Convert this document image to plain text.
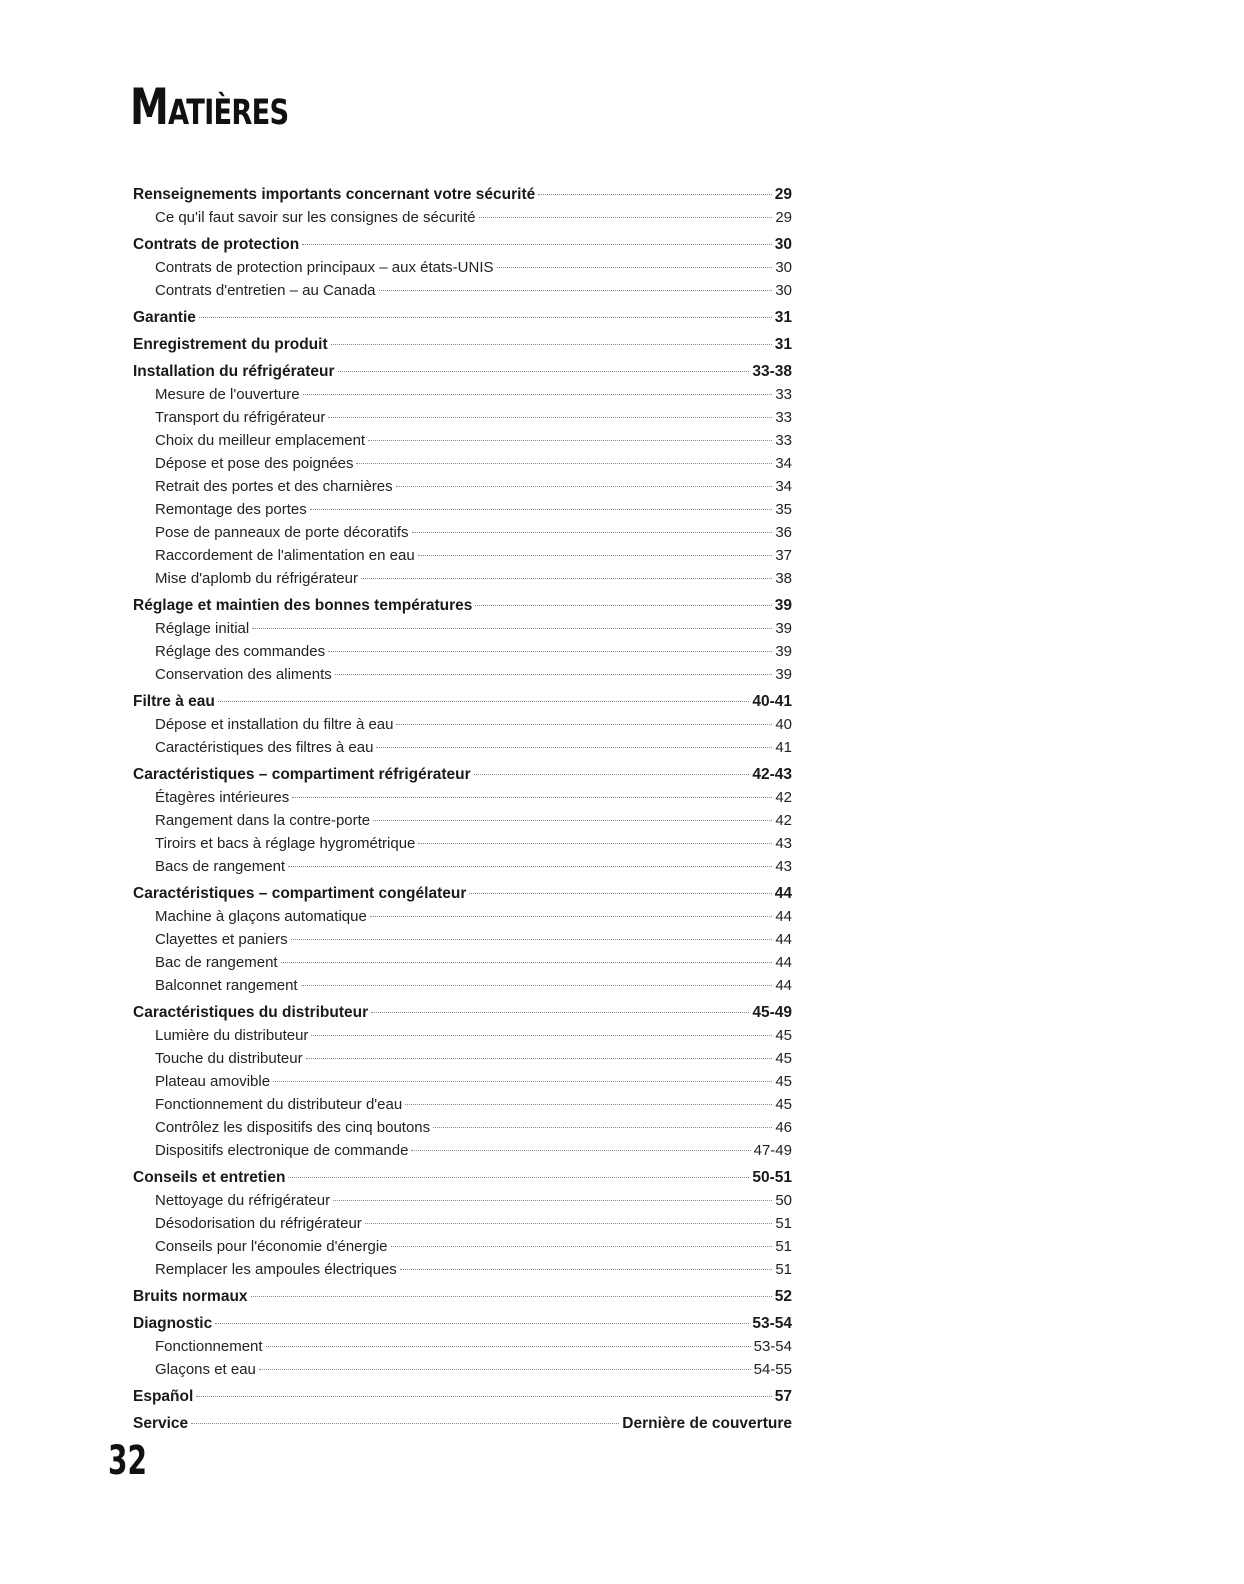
Matières
Renseignements importants concernant votre sécurité	29
Ce qu'il faut savoir sur les consignes de sécurité	29
Contrats de protection	30
Contrats de protection principaux – aux états-UNIS	30
Contrats d'entretien – au Canada	30
Garantie	31
Enregistrement du produit	31
Installation du réfrigérateur	33-38
Mesure de l'ouverture	33
Transport du réfrigérateur	33
Choix du meilleur emplacement	33
Dépose et pose des poignées	34
Retrait des portes et des charnières	34
Remontage des portes	35
Pose de panneaux de porte décoratifs	36
Raccordement de l'alimentation en eau	37
Mise d'aplomb du réfrigérateur	38
Réglage et maintien des bonnes températures	39
Réglage initial	39
Réglage des commandes	39
Conservation des aliments	39
Filtre à eau	40-41
Dépose et installation du filtre à eau	40
Caractéristiques des filtres à eau	41
Caractéristiques – compartiment réfrigérateur	42-43
Étagères intérieures	42
Rangement dans la contre-porte	42
Tiroirs et bacs à réglage hygrométrique	43
Bacs de rangement	43
Caractéristiques – compartiment congélateur	44
Machine à glaçons automatique	44
Clayettes et paniers	44
Bac de rangement	44
Balconnet rangement	44
Caractéristiques du distributeur	45-49
Lumière du distributeur	45
Touche du distributeur	45
Plateau amovible	45
Fonctionnement du distributeur d'eau	45
Contrôlez les dispositifs des cinq boutons	46
Dispositifs electronique de commande	47-49
Conseils et entretien	50-51
Nettoyage du réfrigérateur	50
Désodorisation du réfrigérateur	51
Conseils pour l'économie d'énergie	51
Remplacer les ampoules électriques	51
Bruits normaux	52
Diagnostic	53-54
Fonctionnement	53-54
Glaçons et eau	54-55
Español	57
Service	Dernière de couverture
32
